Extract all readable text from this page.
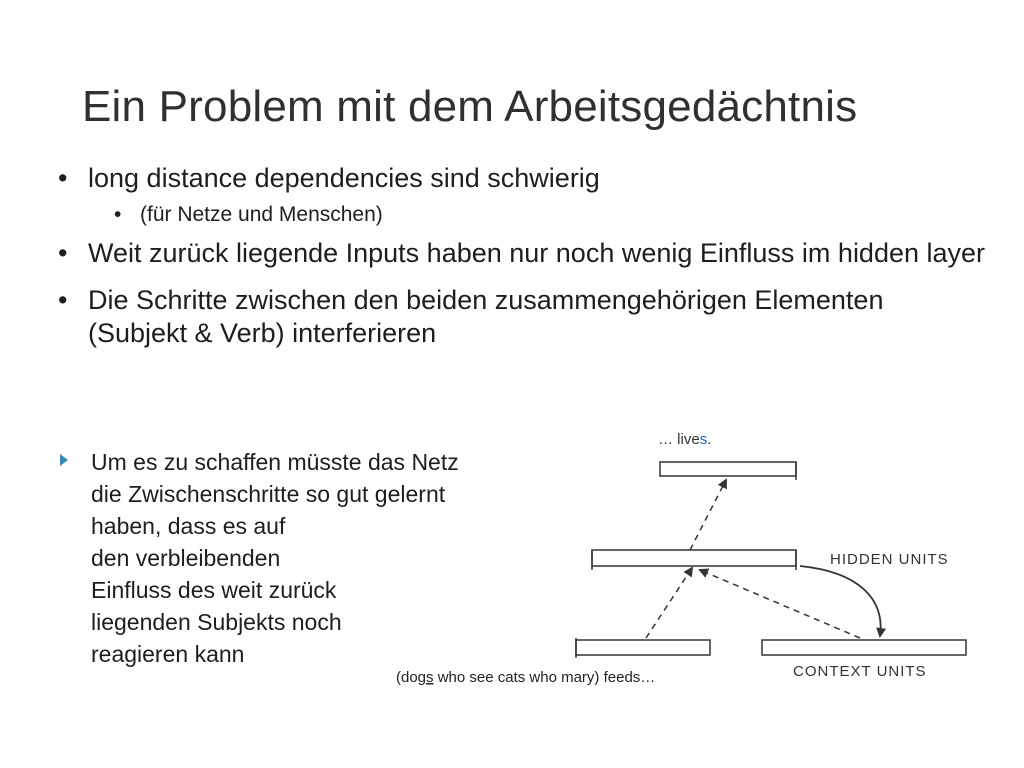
Ein Problem mit dem Arbeitsgedächtnis
• long distance dependencies sind schwierig
• (für Netze und Menschen)
• Weit zurück liegende Inputs haben nur noch wenig Einfluss im hidden layer
• Die Schritte zwischen den beiden zusammengehörigen Elementen (Subjekt & Verb) interferieren
Um es zu schaffen müsste das Netz
die Zwischenschritte so gut gelernt
haben, dass es auf
den verbleibenden
Einfluss des weit zurück
liegenden Subjekts noch
reagieren kann
… lives.
HIDDEN UNITS
CONTEXT UNITS
(dogs who see cats who mary) feeds…
